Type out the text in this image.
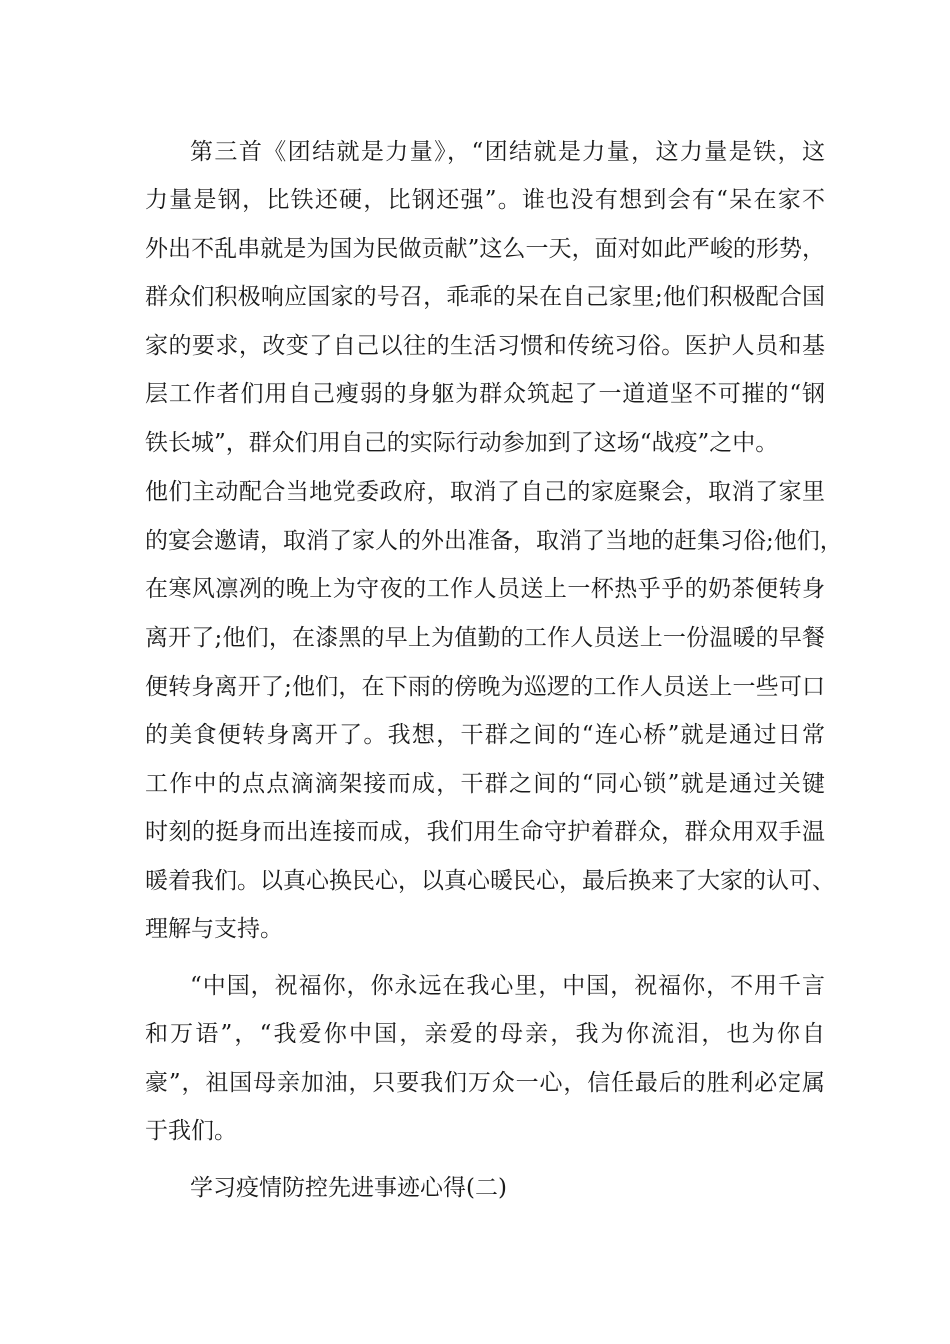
第三首《团结就是力量》，“团结就是力量，这力量是铁，这
力量是钢，比铁还硬，比钢还强”。谁也没有想到会有“呆在家不
外出不乱串就是为国为民做贡献”这么一天，面对如此严峻的形势，
群众们积极响应国家的号召，乖乖的呆在自己家里;他们积极配合国
家的要求，改变了自己以往的生活习惯和传统习俗。医护人员和基
层工作者们用自己瘦弱的身躯为群众筑起了一道道坚不可摧的“钢
铁长城”，群众们用自己的实际行动参加到了这场“战疫”之中。
他们主动配合当地党委政府，取消了自己的家庭聚会，取消了家里
的宴会邀请，取消了家人的外出准备，取消了当地的赶集习俗;他们，
在寒风凛冽的晚上为守夜的工作人员送上一杯热乎乎的奶茶便转身
离开了;他们，在漆黑的早上为值勤的工作人员送上一份温暖的早餐
便转身离开了;他们，在下雨的傍晚为巡逻的工作人员送上一些可口
的美食便转身离开了。我想，干群之间的“连心桥”就是通过日常
工作中的点点滴滴架接而成，干群之间的“同心锁”就是通过关键
时刻的挺身而出连接而成，我们用生命守护着群众，群众用双手温
暖着我们。以真心换民心，以真心暖民心，最后换来了大家的认可、
理解与支持。
“中国，祝福你，你永远在我心里，中国，祝福你，不用千言
和万语”，“我爱你中国，亲爱的母亲，我为你流泪，也为你自
豪”，祖国母亲加油，只要我们万众一心，信任最后的胜利必定属
于我们。
学习疫情防控先进事迹心得(二)
